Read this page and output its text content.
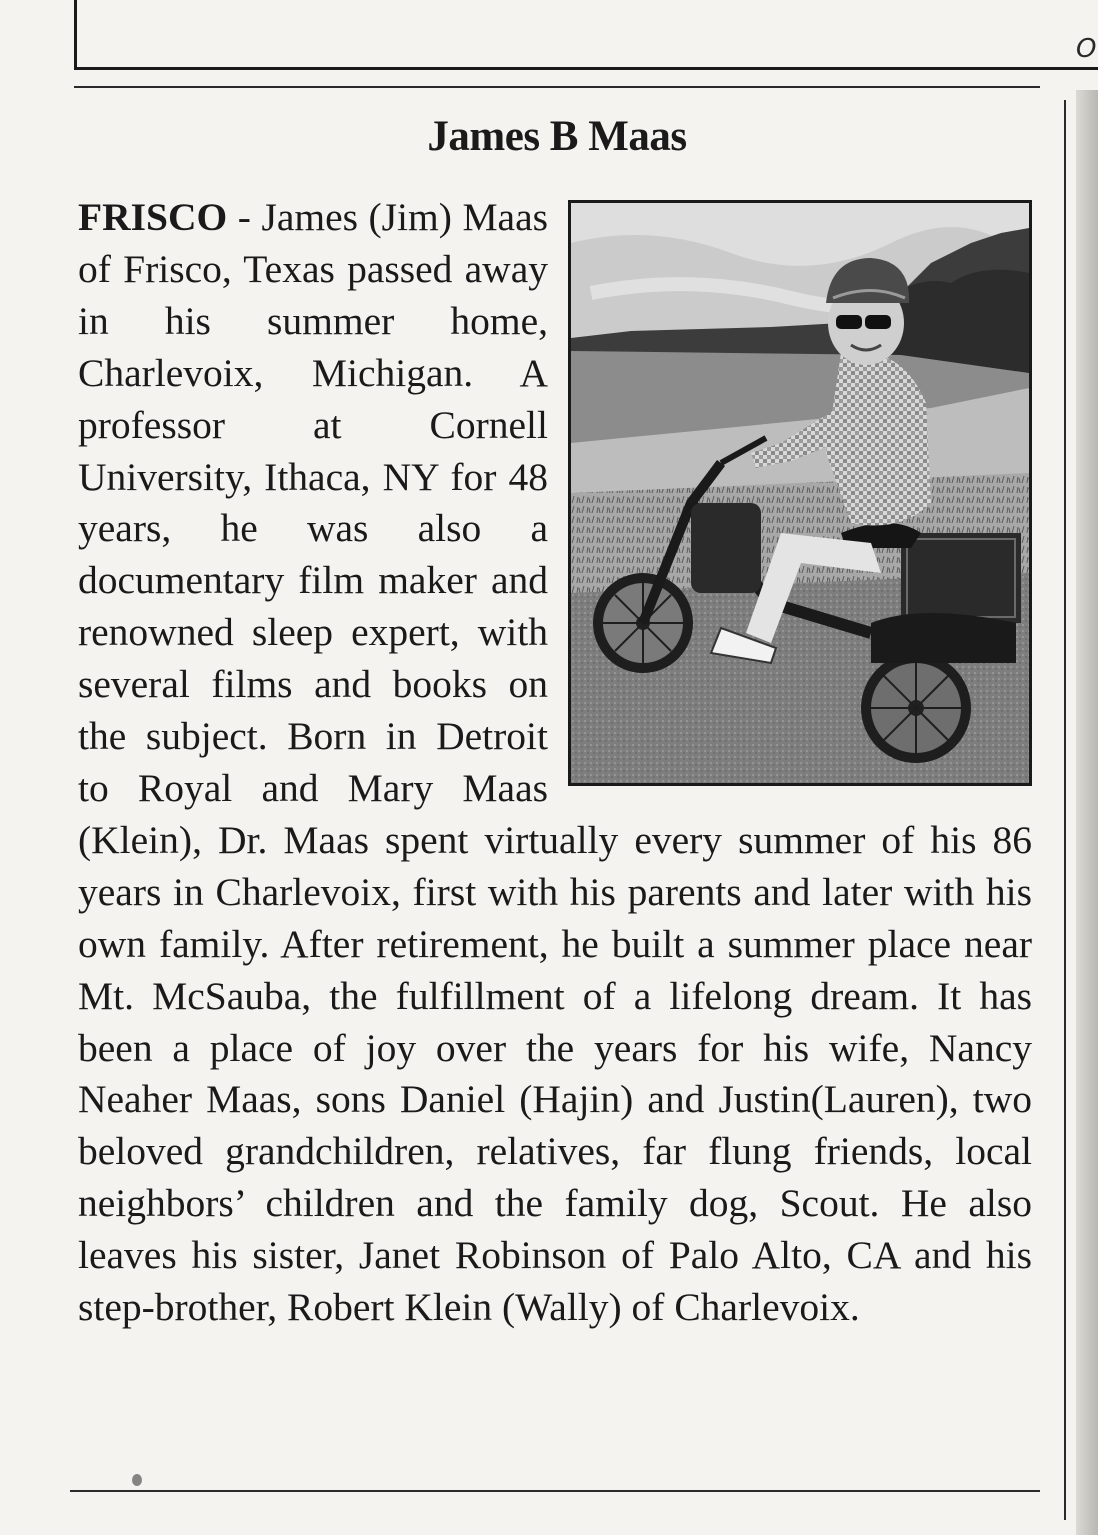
O
James B Maas
FRISCO - James (Jim) Maas of Frisco, Texas passed away in his summer home, Charlevoix, Michigan. A professor at Cornell University, Ithaca, NY for 48 years, he was also a documentary film maker and renowned sleep expert, with several films and books on the subject. Born in Detroit to Royal and Mary Maas (Klein), Dr. Maas spent virtually every summer of his 86 years in Charlevoix, first with his parents and later with his own family. After retirement, he built a summer place near Mt. McSauba, the fulfillment of a lifelong dream. It has been a place of joy over the years for his wife, Nancy Neaher Maas, sons Daniel (Hajin) and Justin(Lauren), two beloved grandchildren, relatives, far flung friends, local neighbors’ children and the family dog, Scout. He also leaves his sister, Janet Robinson of Palo Alto, CA and his step-brother, Robert Klein (Wally) of Charlevoix.
